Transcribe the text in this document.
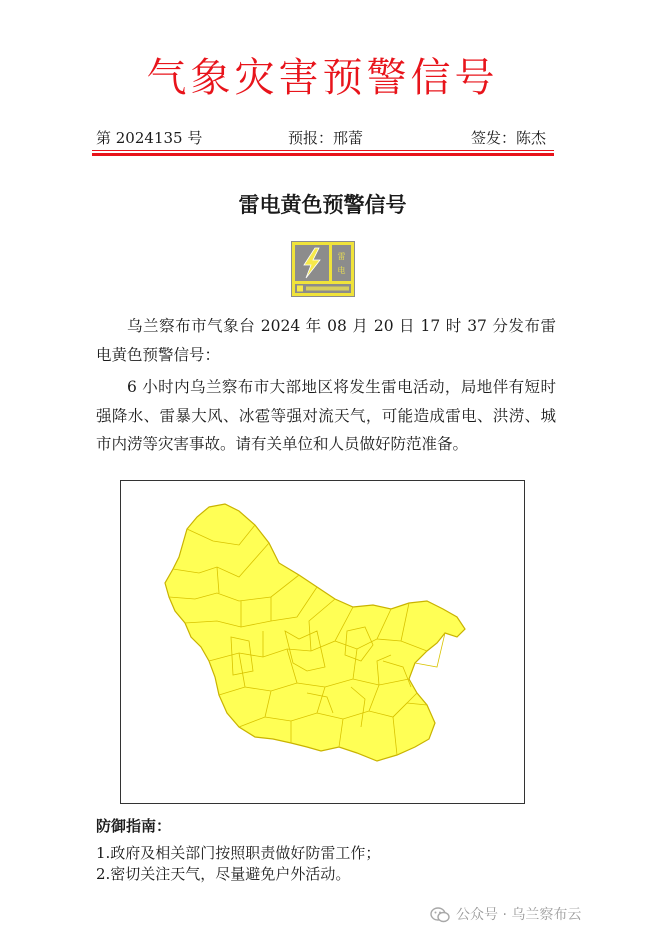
气象灾害预警信号
第 2024135 号	预报：邢蕾	签发：陈杰
雷电黄色预警信号
雷
电
乌兰察布市气象台 2024 年 08 月 20 日 17 时 37 分发布雷电黄色预警信号：
6 小时内乌兰察布市大部地区将发生雷电活动，局地伴有短时强降水、雷暴大风、冰雹等强对流天气，可能造成雷电、洪涝、城市内涝等灾害事故。请有关单位和人员做好防范准备。
防御指南：
1.政府及相关部门按照职责做好防雷工作；
2.密切关注天气，尽量避免户外活动。
公众号 · 乌兰察布云
